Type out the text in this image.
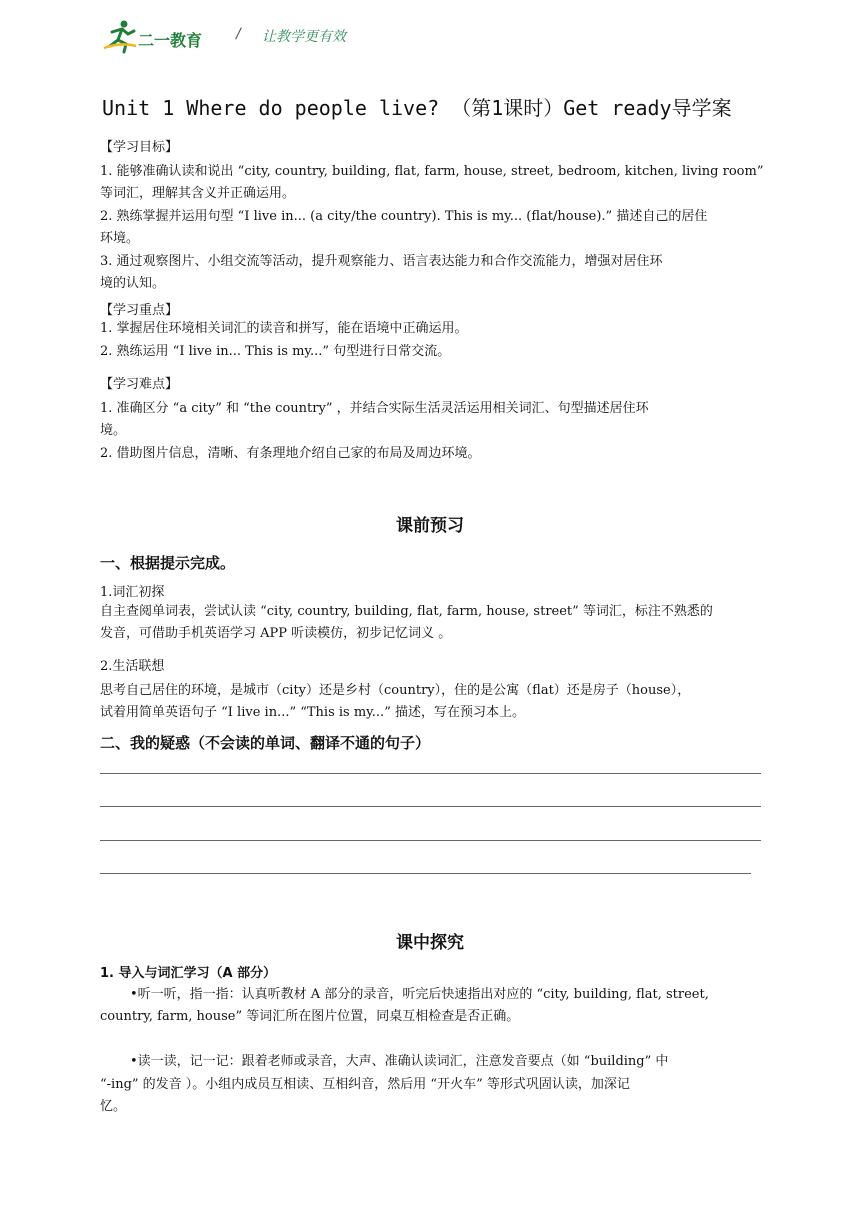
二一教育 / 让教学更有效
Unit 1 Where do people live? （第1课时）Get ready导学案
【学习目标】
1. 能够准确认读和说出 “city, country, building, flat, farm, house, street, bedroom, kitchen, living room”
等词汇，理解其含义并正确运用。
2. 熟练掌握并运用句型 “I live in... (a city/the country). This is my... (flat/house).” 描述自己的居住
环境。
3. 通过观察图片、小组交流等活动，提升观察能力、语言表达能力和合作交流能力，增强对居住环
境的认知。
【学习重点】
1. 掌握居住环境相关词汇的读音和拼写，能在语境中正确运用。
2. 熟练运用 “I live in... This is my...” 句型进行日常交流。
【学习难点】
1. 准确区分 “a city” 和 “the country” ，并结合实际生活灵活运用相关词汇、句型描述居住环
境。
2. 借助图片信息，清晰、有条理地介绍自己家的布局及周边环境。
课前预习
一、根据提示完成。
1.词汇初探
自主查阅单词表，尝试认读 “city, country, building, flat, farm, house, street” 等词汇，标注不熟悉的
发音，可借助手机英语学习 APP 听读模仿，初步记忆词义 。
2.生活联想
思考自己居住的环境，是城市（city）还是乡村（country），住的是公寓（flat）还是房子（house），
试着用简单英语句子 “I live in...” “This is my...” 描述，写在预习本上。
二、我的疑惑（不会读的单词、翻译不通的句子）
课中探究
1. 导入与词汇学习（A 部分）
•听一听，指一指：认真听教材 A 部分的录音，听完后快速指出对应的 “city, building, flat, street,
country, farm, house” 等词汇所在图片位置，同桌互相检查是否正确。
•读一读，记一记：跟着老师或录音，大声、准确认读词汇，注意发音要点（如 “building” 中
“-ing” 的发音 ）。小组内成员互相读、互相纠音，然后用 “开火车” 等形式巩固认读，加深记
忆。
